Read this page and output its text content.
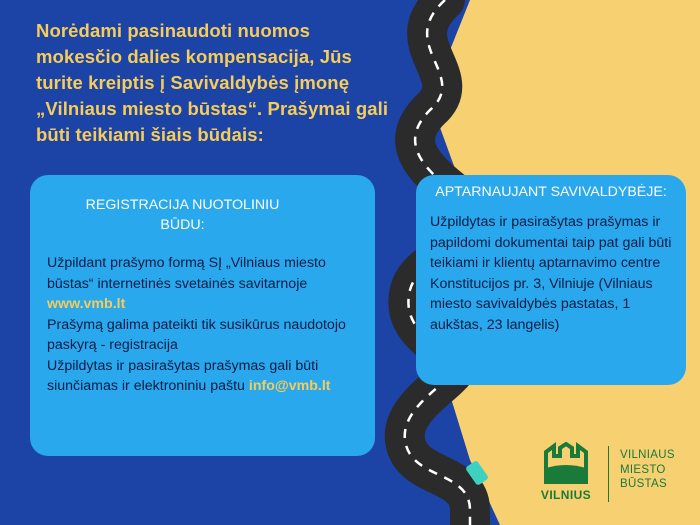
Norėdami pasinaudoti nuomos mokesčio dalies kompensacija, Jūs turite kreiptis į Savivaldybės įmonę „Vilniaus miesto būstas“. Prašymai gali būti teikiami šiais būdais:
REGISTRACIJA NUOTOLINIU
BŪDU:

Užpildant prašymo formą SĮ „Vilniaus miesto būstas“ internetinės svetainės savitarnoje

www.vmb.lt

Prašymą galima pateikti tik susikūrus naudotojo paskyrą - registracija

Užpildytas ir pasirašytas prašymas gali būti siunčiamas ir elektroniniu paštu info@vmb.lt

APTARNAUJANT SAVIVALDYBĖJE:

Užpildytas ir pasirašytas prašymas ir papildomi dokumentai taip pat gali būti teikiami ir klientų aptarnavimo centre

Konstitucijos pr. 3, Vilniuje (Vilniaus miesto savivaldybės pastatas, 1 aukštas, 23 langelis)

VILNIUS
VILNIAUS
MIESTO
BŪSTAS
